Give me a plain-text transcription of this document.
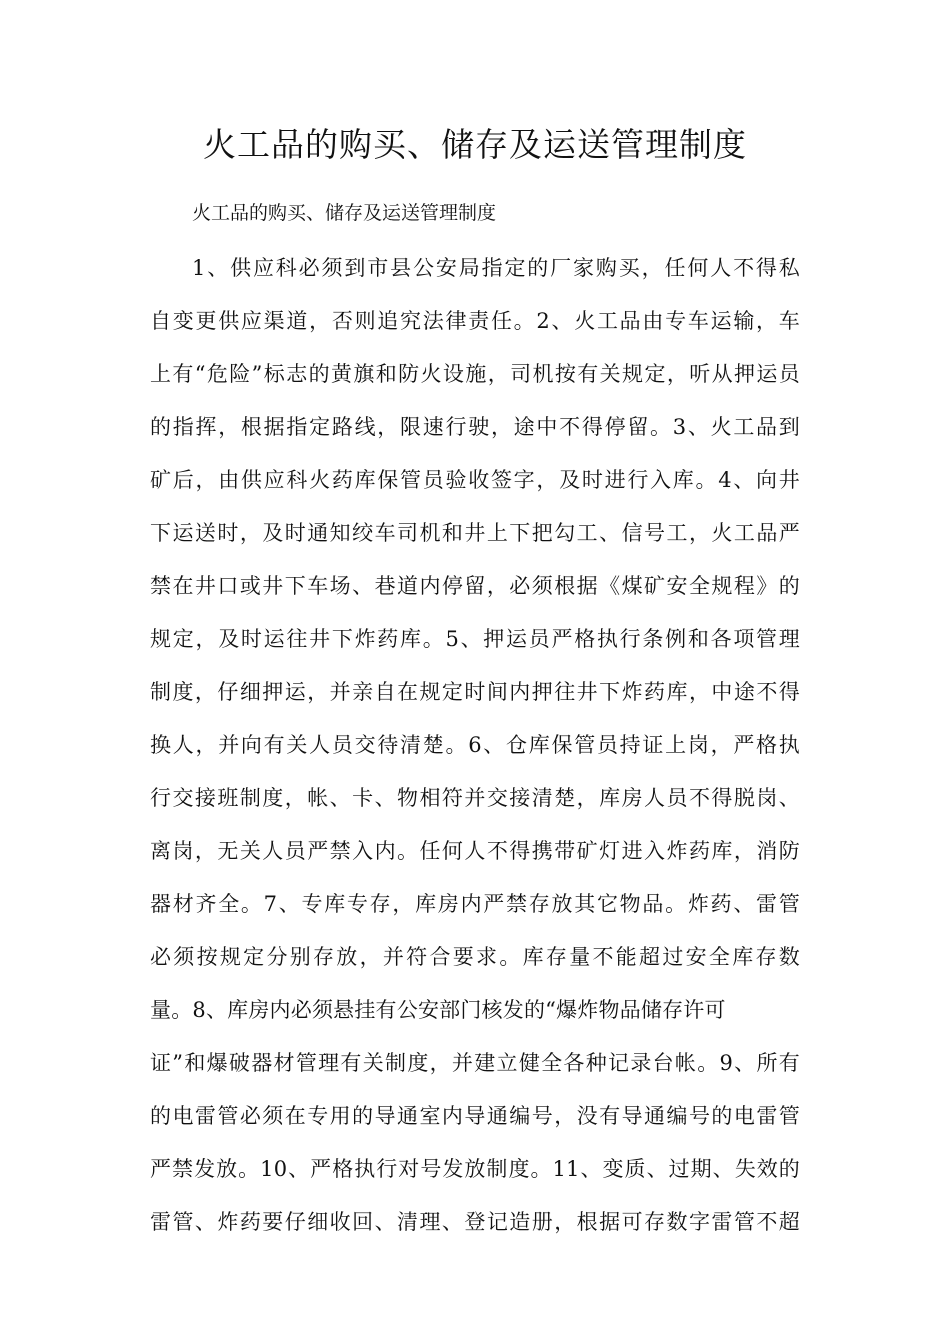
火工品的购买、储存及运送管理制度

火工品的购买、储存及运送管理制度

1、供应科必须到市县公安局指定的厂家购买，任何人不得私
自变更供应渠道，否则追究法律责任。2、火工品由专车运输，车
上有“危险”标志的黄旗和防火设施，司机按有关规定，听从押运员
的指挥，根据指定路线，限速行驶，途中不得停留。3、火工品到
矿后，由供应科火药库保管员验收签字，及时进行入库。4、向井
下运送时，及时通知绞车司机和井上下把勾工、信号工，火工品严
禁在井口或井下车场、巷道内停留，必须根据《煤矿安全规程》的
规定，及时运往井下炸药库。5、押运员严格执行条例和各项管理
制度，仔细押运，并亲自在规定时间内押往井下炸药库，中途不得
换人，并向有关人员交待清楚。6、仓库保管员持证上岗，严格执
行交接班制度，帐、卡、物相符并交接清楚，库房人员不得脱岗、
离岗，无关人员严禁入内。任何人不得携带矿灯进入炸药库，消防
器材齐全。7、专库专存，库房内严禁存放其它物品。炸药、雷管
必须按规定分别存放，并符合要求。库存量不能超过安全库存数
量。8、库房内必须悬挂有公安部门核发的“爆炸物品储存许可
证”和爆破器材管理有关制度，并建立健全各种记录台帐。9、所有
的电雷管必须在专用的导通室内导通编号，没有导通编号的电雷管
严禁发放。10、严格执行对号发放制度。11、变质、过期、失效的
雷管、炸药要仔细收回、清理、登记造册，根据可存数字雷管不超
